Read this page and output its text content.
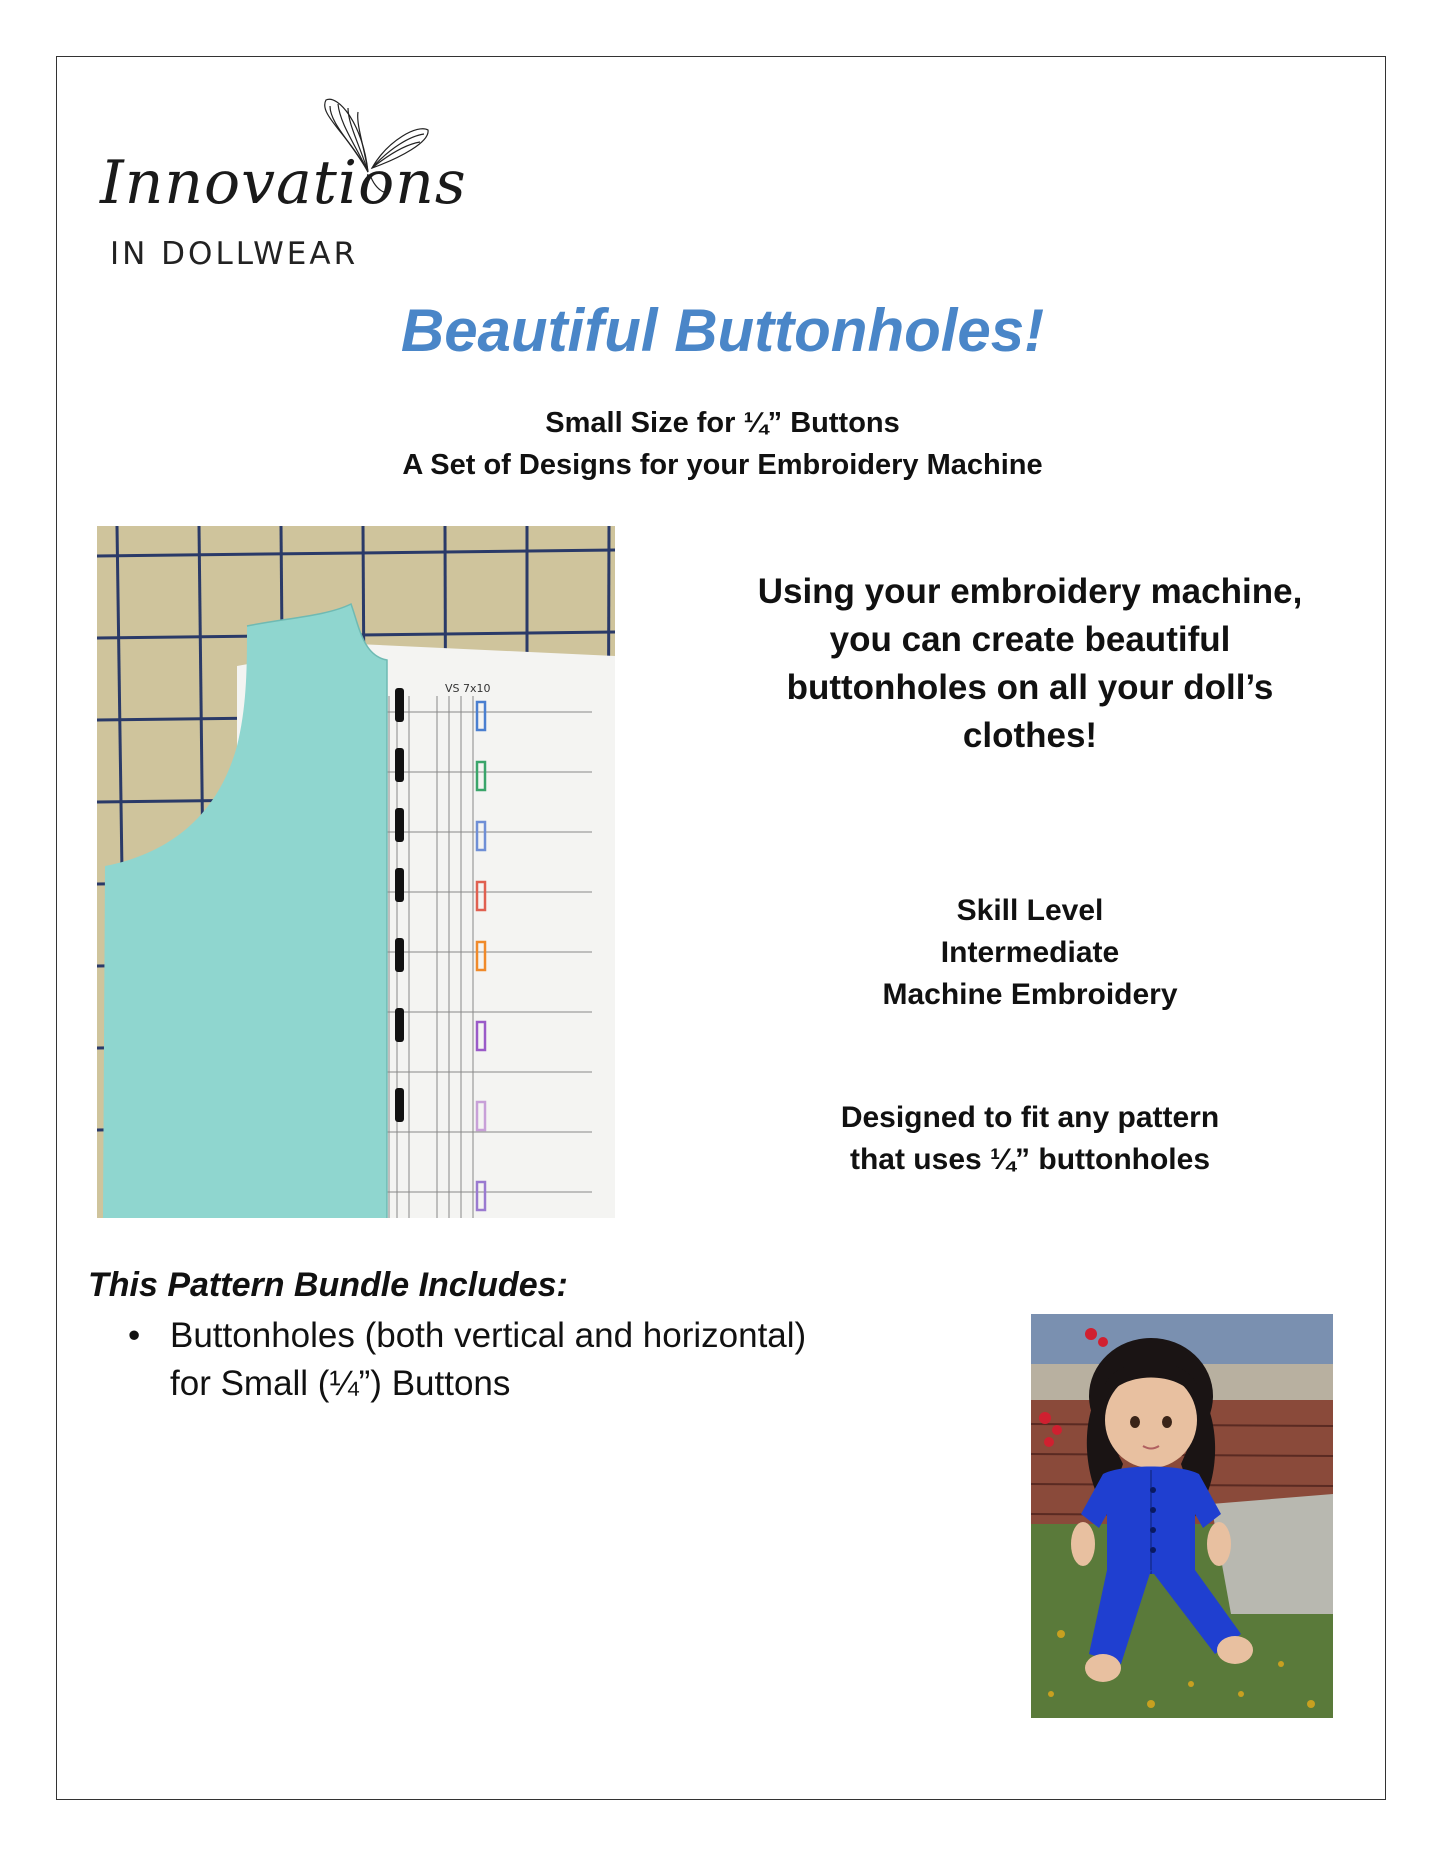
Innovations
IN DOLLWEAR
Beautiful Buttonholes!
Small Size for ¼” Buttons
A Set of Designs for your Embroidery Machine
VS 7x10
Using your embroidery machine,
you can create beautiful
buttonholes on all your doll’s
clothes!
Skill Level
Intermediate
Machine Embroidery
Designed to fit any pattern
that uses ¼” buttonholes
This Pattern Bundle Includes:
• Buttonholes (both vertical and horizontal)
for Small (¼”) Buttons
